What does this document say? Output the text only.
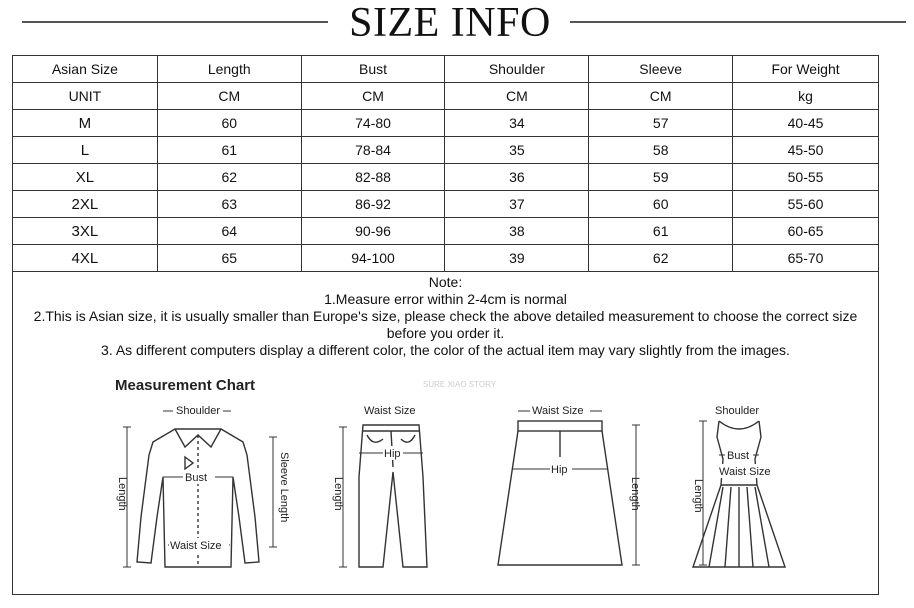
SIZE INFO
Asian Size	Length	Bust	Shoulder	Sleeve	For Weight
UNIT	CM	CM	CM	CM	kg
M	60	74-80	34	57	40-45
L	61	78-84	35	58	45-50
XL	62	82-88	36	59	50-55
2XL	63	86-92	37	60	55-60
3XL	64	90-96	38	61	60-65
4XL	65	94-100	39	62	65-70
Note:
1.Measure error within 2-4cm is normal
2.This is Asian size, it is usually smaller than Europe's size, please check the above detailed measurement to choose the correct size before you order it.
3. As different computers display a different color, the color of the actual item may vary slightly from the images.
Measurement Chart	SURE XIAO STORY
Shoulder
Bust
Waist Size
Length	Sleeve Length
Waist Size
Hip
Length
Waist Size
Hip
Length
Shoulder
Bust
Waist Size
Length
